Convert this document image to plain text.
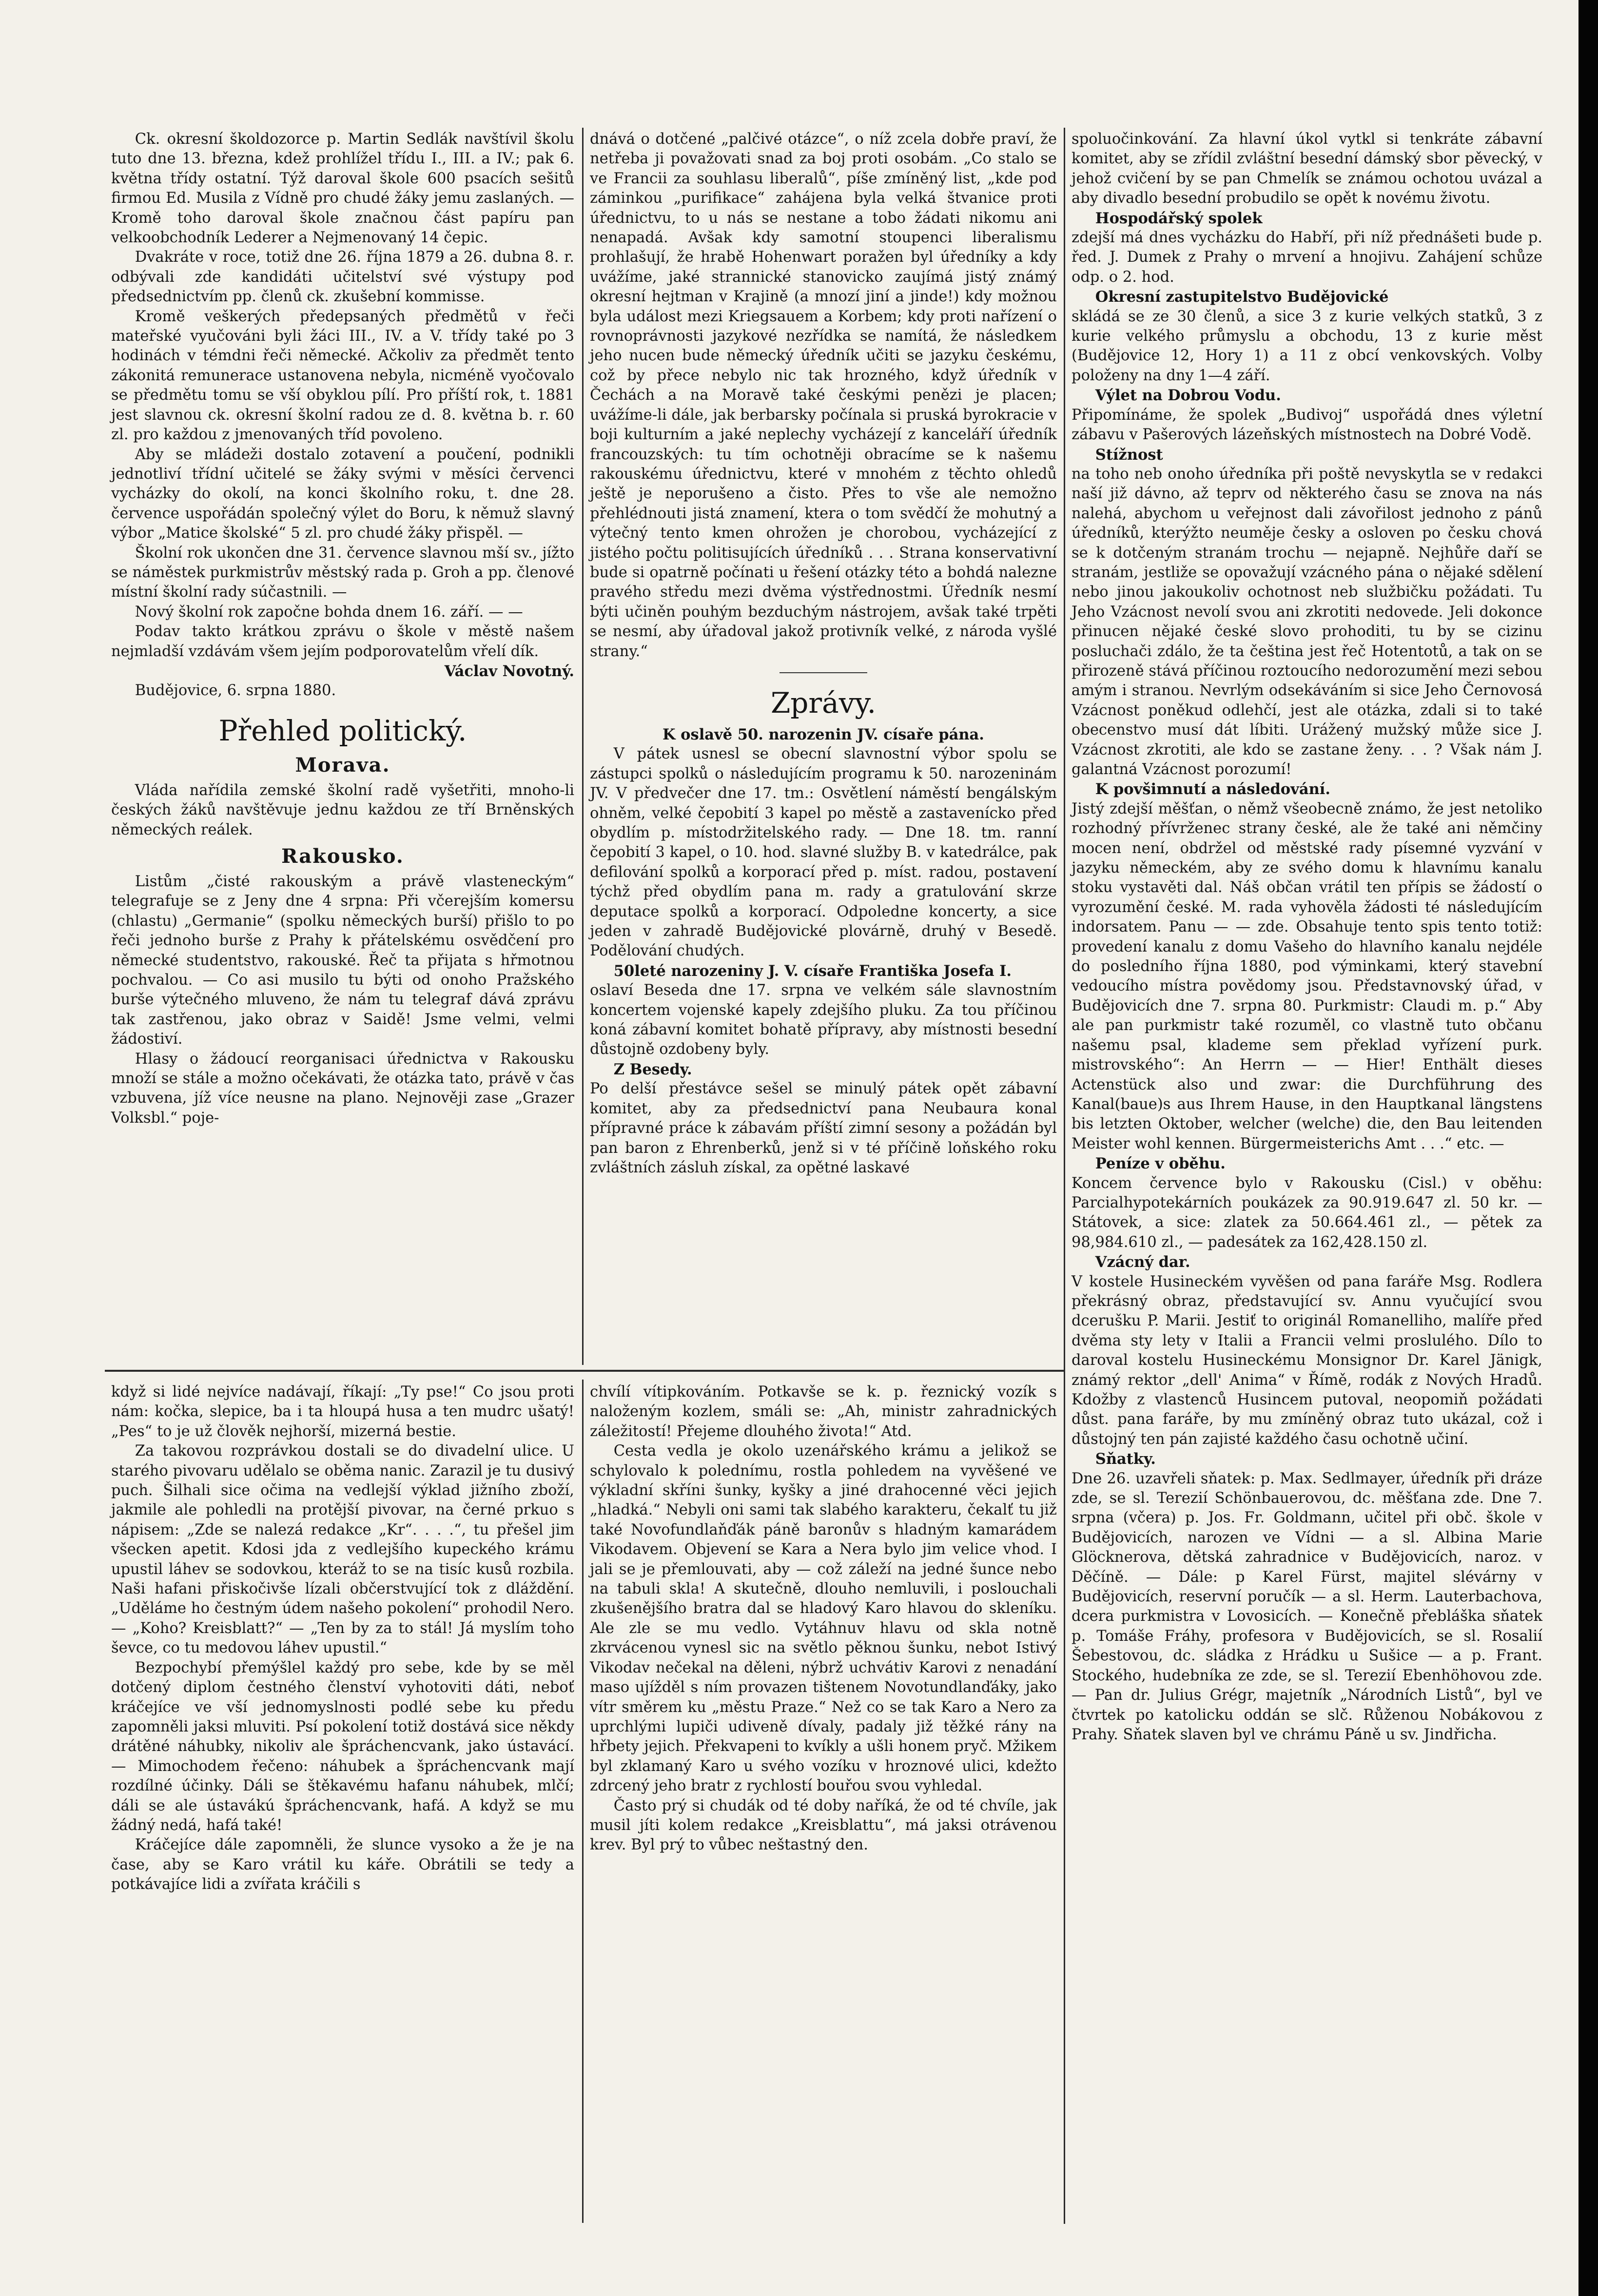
Ck. okresní školdozorce p. Martin Sedlák navštívil školu tuto dne 13. března, kdež prohlížel třídu I., III. a IV.; pak 6. května třídy ostatní. Týž daroval škole 600 psacích sešitů firmou Ed. Musila z Vídně pro chudé žáky jemu zaslaných. — Kromě toho daroval škole značnou část papíru pan velkoobchodník Lederer a Nejmenovaný 14 čepic.

Dvakráte v roce, totiž dne 26. října 1879 a 26. dubna 8. r. odbývali zde kandidáti učitelství své výstupy pod předsednictvím pp. členů ck. zkušební kommisse.

Kromě veškerých předepsaných předmětů v řeči mateřské vyučováni byli žáci III., IV. a V. třídy také po 3 hodinách v témdni řeči německé. Ačkoliv za předmět tento zákonitá remunerace ustanovena nebyla, nicméně vyočovalo se předmětu tomu se vší obyklou pílí. Pro příští rok, t. 1881 jest slavnou ck. okresní školní radou ze d. 8. května b. r. 60 zl. pro každou z jmenovaných tříd povoleno.

Aby se mládeži dostalo zotavení a poučení, podnikli jednotliví třídní učitelé se žáky svými v měsíci červenci vycházky do okolí, na konci školního roku, t. dne 28. července uspořádán společný výlet do Boru, k němuž slavný výbor „Matice školské“ 5 zl. pro chudé žáky přispěl. —

Školní rok ukončen dne 31. července slavnou mší sv., jížto se náměstek purkmistrův městský rada p. Groh a pp. členové místní školní rady súčastnili. —

Nový školní rok započne bohda dnem 16. září. — —

Podav takto krátkou zprávu o škole v městě našem nejmladší vzdávám všem jejím podporovatelům vřelí dík.

Václav Novotný.

Budějovice, 6. srpna 1880.

Přehled politický.
Morava.

Vláda nařídila zemské školní radě vyšetřiti, mnoho-li českých žáků navštěvuje jednu každou ze tří Brněnských německých reálek.

Rakousko.

Listům „čisté rakouským a právě vlasteneckým“ telegrafuje se z Jeny dne 4 srpna: Při včerejším komersu (chlastu) „Germanie“ (spolku německých burší) přišlo to po řeči jednoho burše z Prahy k přátelskému osvědčení pro německé studentstvo, rakouské. Řeč ta přijata s hřmotnou pochvalou. — Co asi musilo tu býti od onoho Pražského burše výtečného mluveno, že nám tu telegraf dává zprávu tak zastřenou, jako obraz v Saidě! Jsme velmi, velmi žádostiví.

Hlasy o žádoucí reorganisaci úřednictva v Rakousku množí se stále a možno očekávati, že otázka tato, právě v čas vzbuvena, jíž více neusne na plano. Nejnověji zase „Grazer Volksbl.“ poje-

dnává o dotčené „palčivé otázce“, o níž zcela dobře praví, že netřeba ji považovati snad za boj proti osobám. „Co stalo se ve Francii za souhlasu liberalů“, píše zmíněný list, „kde pod záminkou „purifikace“ zahájena byla velká štvanice proti úřednictvu, to u nás se nestane a tobo žádati nikomu ani nenapadá. Avšak kdy samotní stoupenci liberalismu prohlašují, že hrabě Hohenwart poražen byl úředníky a kdy uvážíme, jaké strannické stanovicko zaujímá jistý známý okresní hejtman v Krajině (a mnozí jiní a jinde!) kdy možnou byla událost mezi Kriegsauem a Korbem; kdy proti nařízení o rovnoprávnosti jazykové nezřídka se namítá, že následkem jeho nucen bude německý úředník učiti se jazyku českému, což by přece nebylo nic tak hrozného, když úředník v Čechách a na Moravě také českými penězi je placen; uvážíme-li dále, jak berbarsky počínala si pruská byrokracie v boji kulturním a jaké neplechy vycházejí z kanceláří úředník francouzských: tu tím ochotněji obracíme se k našemu rakouskému úřednictvu, které v mnohém z těchto ohledů ještě je neporušeno a čisto. Přes to vše ale nemožno přehlédnouti jistá znamení, ktera o tom svědčí že mohutný a výtečný tento kmen ohrožen je chorobou, vycházející z jistého počtu politisujících úředníků . . . Strana konservativní bude si opatrně počínati u řešení otázky této a bohdá nalezne pravého středu mezi dvěma výstřednostmi. Úředník nesmí býti učiněn pouhým bezduchým nástrojem, avšak také trpěti se nesmí, aby úřadoval jakož protivník velké, z národa vyšlé strany.“

Zprávy.

K oslavě 50. narozenin JV. císaře pána.

V pátek usnesl se obecní slavnostní výbor spolu se zástupci spolků o následujícím programu k 50. narozeninám JV. V předvečer dne 17. tm.: Osvětlení náměstí bengálským ohněm, velké čepobití 3 kapel po městě a zastavenícko před obydlím p. místodržitelského rady. — Dne 18. tm. ranní čepobití 3 kapel, o 10. hod. slavné služby B. v katedrálce, pak defilování spolků a korporací před p. míst. radou, postavení týchž před obydlím pana m. rady a gratulování skrze deputace spolků a korporací. Odpoledne koncerty, a sice jeden v zahradě Budějovické plovárně, druhý v Besedě. Podělování chudých.

50leté narozeniny J. V. císaře Františka Josefa I.

oslaví Beseda dne 17. srpna ve velkém sále slavnostním koncertem vojenské kapely zdejšího pluku. Za tou příčinou koná zábavní komitet bohatě přípravy, aby místnosti besední důstojně ozdobeny byly.

Z Besedy.

Po delší přestávce sešel se minulý pátek opět zábavní komitet, aby za předsednictví pana Neubaura konal přípravné práce k zábavám příští zimní sesony a požádán byl pan baron z Ehrenberků, jenž si v té příčině loňského roku zvláštních zásluh získal, za opětné laskavé

spoluočinkování. Za hlavní úkol vytkl si tenkráte zábavní komitet, aby se zřídil zvláštní besední dámský sbor pěvecký, v jehož cvičení by se pan Chmelík se známou ochotou uvázal a aby divadlo besední probudilo se opět k novému životu.

Hospodářský spolek

zdejší má dnes vycházku do Habří, při níž přednášeti bude p. řed. J. Dumek z Prahy o mrvení a hnojivu. Zahájení schůze odp. o 2. hod.

Okresní zastupitelstvo Budějovické

skládá se ze 30 členů, a sice 3 z kurie velkých statků, 3 z kurie velkého průmyslu a obchodu, 13 z kurie měst (Budějovice 12, Hory 1) a 11 z obcí venkovských. Volby položeny na dny 1—4 září.

Výlet na Dobrou Vodu.

Připomínáme, že spolek „Budivoj“ uspořádá dnes výletní zábavu v Pašerových lázeňských místnostech na Dobré Vodě.

Stížnost

na toho neb onoho úředníka při poště nevyskytla se v redakci naší již dávno, až teprv od některého času se znova na nás nalehá, abychom u veřejnost dali závořilost jednoho z pánů úředníků, kterýžto neumějе česky a osloven po česku chová se k dotčeným stranám trochu — nejapně. Nejhůře daří se stranám, jestliže se opovažují vzácného pána o nějaké sdělení nebo jinou jakoukoliv ochotnost neb službičku požádati. Tu Jeho Vzácnost nevolí svou ani zkrotiti nedovede. Jeli dokonce přinucen nějaké české slovo prohoditi, tu by se cizinu posluchači zdálo, že ta čeština jest řeč Hotentotů, a tak on se přirozeně stává příčinou roztoucího nedorozumění mezi sebou amým i stranou. Nevrlým odsekáváním si sice Jeho Černovosá Vzácnost poněkud odlehčí, jest ale otázka, zdali si to také obecenstvo musí dát líbiti. Urážený mužský může sice J. Vzácnost zkrotiti, ale kdo se zastane ženy. . . ? Však nám J. galantná Vzácnost porozumí!

K povšimnutí a následování.

Jistý zdejší měšťan, o němž všeobecně známo, že jest netoliko rozhodný přívrženec strany české, ale že také ani němčiny mocen není, obdržel od městské rady písemné vyzvání v jazyku německém, aby ze svého domu k hlavnímu kanalu stoku vystavěti dal. Náš občan vrátil ten přípis se žádostí o vyrozumění české. M. rada vyhověla žádosti té následujícím indorsatem. Panu — — zde. Obsahuje tento spis tento totiž: provedení kanalu z domu Vašeho do hlavního kanalu nejdéle do posledního října 1880, pod výminkami, který stavební vedoucího místra povědomy jsou. Představnovský úřad, v Budějovicích dne 7. srpna 80. Purkmistr: Claudi m. p.“ Aby ale pan purkmistr také rozuměl, co vlastně tuto občanu našemu psal, klademe sem překlad vyřízení purk. mistrovského“: An Herrn — — Hier! Enthält dieses Actenstück also und zwar: die Durchführung des Kanal(baue)s aus Ihrem Hause, in den Hauptkanal längstens bis letzten Oktober, welcher (welche) die, den Bau leitenden Meister wohl kennen. Bürgermeisterichs Amt . . .“ etc. —

Peníze v oběhu.

Koncem července bylo v Rakousku (Cisl.) v oběhu: Parcialhypotekárních poukázek za 90.919.647 zl. 50 kr. — Státovek, a sice: zlatek za 50.664.461 zl., — pětek za 98,984.610 zl., — padesátek za 162,428.150 zl.

Vzácný dar.

V kostele Husineckém vyvěšen od pana faráře Msg. Rodlera překrásný obraz, představující sv. Annu vyučující svou dcerušku P. Marii. Jestiť to originál Romanelliho, malíře před dvěma sty lety v Italii a Francii velmi proslulého. Dílo to daroval kostelu Husineckému Monsignor Dr. Karel Jänigk, známý rektor „dell' Anima“ v Římě, rodák z Nových Hradů. Kdožby z vlastenců Husincem putoval, neopomiň požádati důst. pana faráře, by mu zmíněný obraz tuto ukázal, což i důstojný ten pán zajisté každého času ochotně učiní.

Sňatky.

Dne 26. uzavřeli sňatek: p. Max. Sedlmayer, úředník při dráze zde, se sl. Terezií Schönbauerovou, dc. měšťana zde. Dne 7. srpna (včera) p. Jos. Fr. Goldmann, učitel při obč. škole v Budějovicích, narozen ve Vídni — a sl. Albina Marie Glöcknerova, dětská zahradnice v Budějovicích, naroz. v Děčíně. — Dále: p Karel Fürst, majitel slévárny v Budějovicích, reservní poručík — a sl. Herm. Lauterbachova, dcera purkmistra v Lovosicích. — Konečně přebláška sňatek p. Tomáše Fráhy, profesora v Budějovicích, se sl. Rosalií Šebestovou, dc. sládka z Hrádku u Sušice — a p. Frant. Stockého, hudebníka ze zde, se sl. Terezií Ebenhöhovou zde. — Pan dr. Julius Grégr, majetník „Národních Listů“, byl ve čtvrtek po katolicku oddán se slč. Růženou Nobákovou z Prahy. Sňatek slaven byl ve chrámu Páně u sv. Jindřicha.

když si lidé nejvíce nadávají, říkají: „Ty pse!“ Co jsou proti nám: kočka, slepice, ba i ta hloupá husa a ten mudrc ušatý! „Pes“ to je už člověk nejhorší, mizerná bestie.

Za takovou rozprávkou dostali se do divadelní ulice. U starého pivovaru udělalo se oběma nanic. Zarazil je tu dusivý puch. Šilhali sice očima na vedlejší výklad jižního zboží, jakmile ale pohledli na protější pivovar, na černé prkuo s nápisem: „Zde se nalezá redakce „Kr“. . . .“, tu přešel jim všecken apetit. Kdosi jda z vedlejšího kupeckého krámu upustil láhev se sodovkou, kteráž to se na tisíc kusů rozbila. Naši hafani přiskočivše lízali občerstvující tok z dláždění. „Uděláme ho čestným údem našeho pokolení“ prohodil Nero. — „Koho? Kreisblatt?“ — „Ten by za to stál! Já myslím toho ševce, co tu medovou láhev upustil.“

Bezpochybí přemýšlel každý pro sebe, kde by se měl dotčený diplom čestného členství vyhotoviti dáti, neboť kráčejíce ve vší jednomyslnosti podlé sebe ku předu zapomněli jaksi mluviti. Psí pokolení totiž dostává sice někdy drátěné náhubky, nikoliv ale špráchencvank, jako ústavácí. — Mimochodem řečeno: náhubek a špráchencvank mají rozdílné účinky. Dáli se štěkavému hafanu náhubek, mlčí; dáli se ale ústavákú špráchencvank, hafá. A když se mu žádný nedá, hafá také!

Kráčejíce dále zapomněli, že slunce vysoko a že je na čase, aby se Karo vrátil ku káře. Obrátili se tedy a potkávajíce lidi a zvířata kráčili s

chvílí vítipkováním. Potkavše se k. p. řeznický vozík s naloženým kozlem, smáli se: „Ah, ministr zahradnických záležitostí! Přejeme dlouhého života!“ Atd.

Cesta vedla je okolo uzenářského krámu a jelikož se schylovalo k polednímu, rostla pohledem na vyvěšené ve výkladní skříni šunky, kyšky a jiné drahocenné věci jejich „hladká.“ Nebyli oni sami tak slabého karakteru, čekalť tu již také Novofundlaňďák páně baronův s hladným kamarádem Vikodavem. Objevení se Kara a Nera bylo jim velice vhod. I jali se je přemlouvati, aby — což záleží na jedné šunce nebo na tabuli skla! A skutečně, dlouho nemluvili, i poslouchali zkušenějšího bratra dal se hladový Karo hlavou do skleníku. Ale zle se mu vedlo. Vytáhnuv hlavu od skla notně zkrvácenou vynesl sic na světlo pěknou šunku, nebot Istivý Vikodav nečekal na děleni, nýbrž uchvátiv Karovi z nenadání maso ujížděl s ním provazen tištenem Novotundlanďáky, jako vítr směrem ku „městu Praze.“ Než co se tak Karo a Nero za uprchlými lupiči udiveně dívaly, padaly již těžké rány na hřbety jejich. Překvapeni to kvíkly a ušli honem pryč. Mžikem byl zklamaný Karo u svého vozíku v hroznové ulici, kdežto zdrcený jeho bratr z rychlostí bouřou svou vyhledal.

Často prý si chudák od té doby naříká, že od té chvíle, jak musil jíti kolem redakce „Kreisblattu“, má jaksi otrávenou krev. Byl prý to vůbec neštastný den.
